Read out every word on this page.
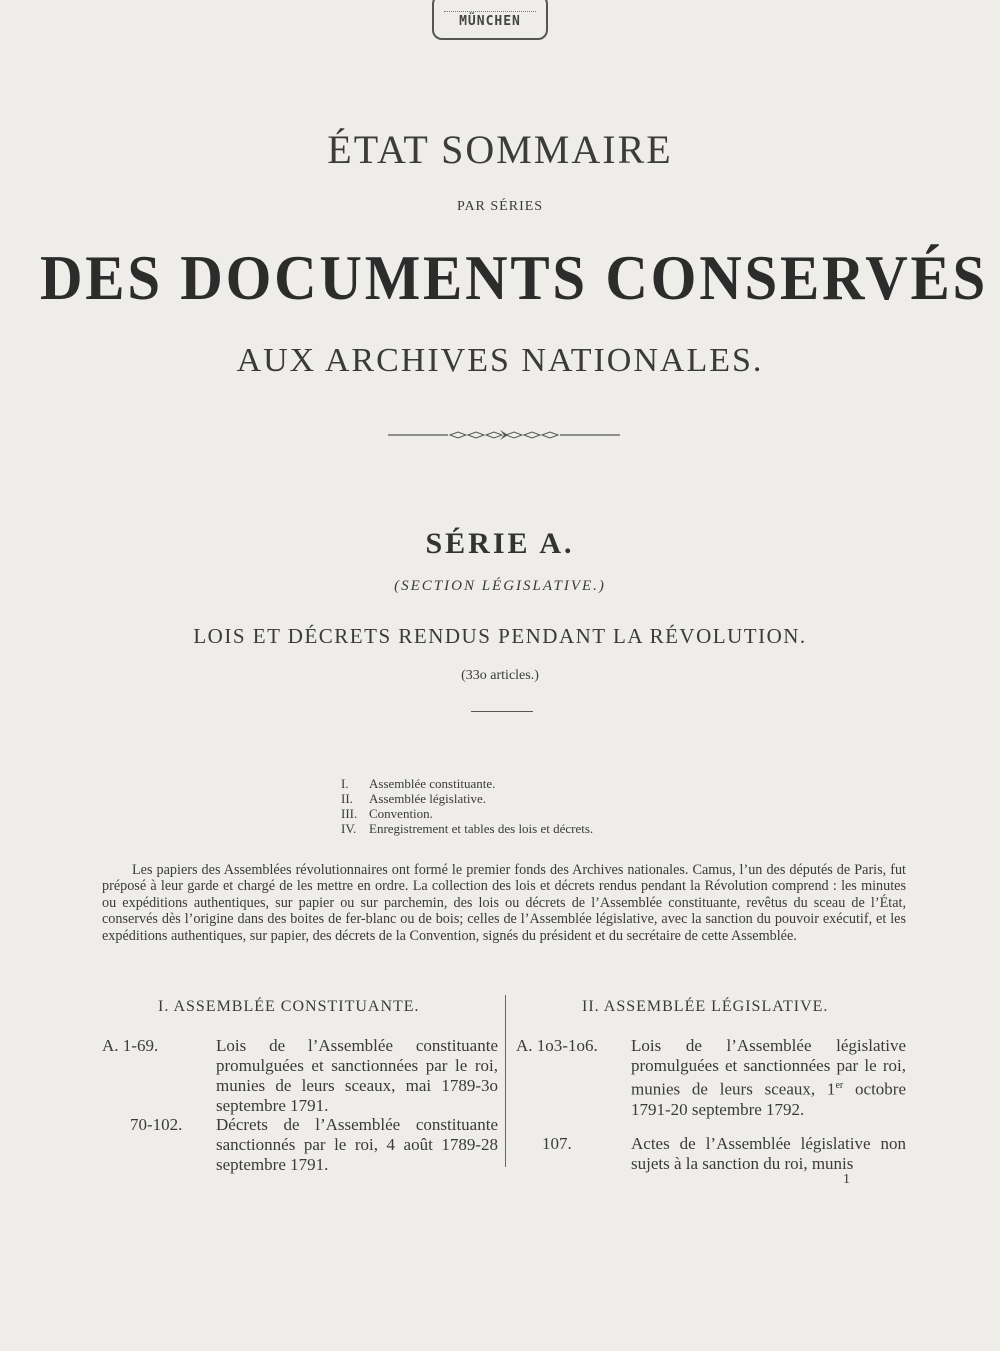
MÜNCHEN
ÉTAT SOMMAIRE
PAR SÉRIES
DES DOCUMENTS CONSERVÉS
AUX ARCHIVES NATIONALES.
SÉRIE A.
(SECTION LÉGISLATIVE.)
LOIS ET DÉCRETS RENDUS PENDANT LA RÉVOLUTION.
(33o articles.)
I. Assemblée constituante.
II. Assemblée législative.
III. Convention.
IV. Enregistrement et tables des lois et décrets.

Les papiers des Assemblées révolutionnaires ont formé le premier fonds des Archives nationales. Camus, l’un des députés de Paris, fut préposé à leur garde et chargé de les mettre en ordre. La collection des lois et décrets rendus pendant la Révolution comprend : les minutes ou expéditions authentiques, sur papier ou sur parchemin, des lois ou décrets de l’Assemblée constituante, revêtus du sceau de l’État, conservés dès l’origine dans des boites de fer-blanc ou de bois; celles de l’Assemblée législative, avec la sanction du pouvoir exécutif, et les expéditions authentiques, sur papier, des décrets de la Convention, signés du président et du secrétaire de cette Assemblée.

I. ASSEMBLÉE CONSTITUANTE.	II. ASSEMBLÉE LÉGISLATIVE.
A. 1-69.	Lois de l’Assemblée constituante promulguées et sanctionnées par le roi, munies de leurs sceaux, mai 1789-3o septembre 1791.
70-102. Décrets de l’Assemblée constituante sanctionnés par le roi, 4 août 1789-28 septembre 1791.
A. 1o3-1o6. Lois de l’Assemblée législative promulguées et sanctionnées par le roi, munies de leurs sceaux, 1er octobre 1791-20 septembre 1792.
107.	Actes de l’Assemblée législative non sujets à la sanction du roi, munis
1
